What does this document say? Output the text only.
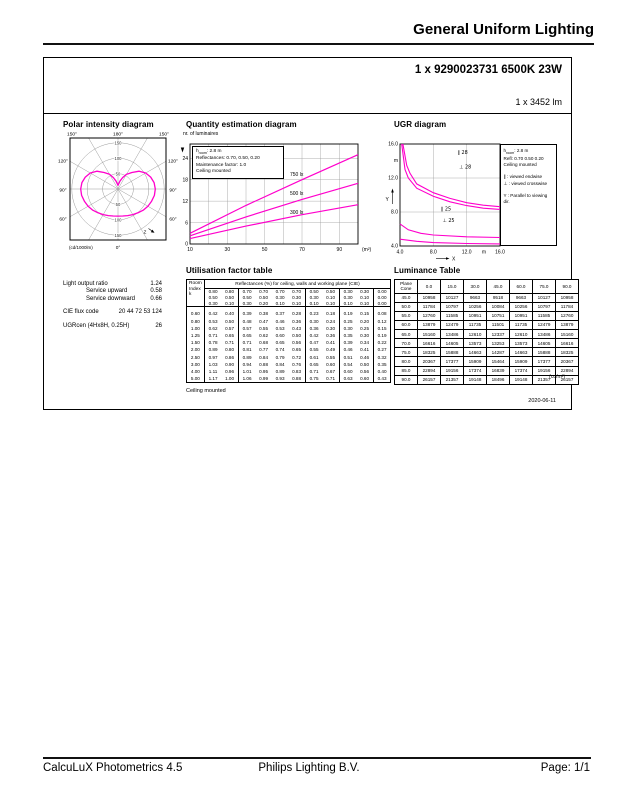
General Uniform Lighting
1 x 9290023731 6500K 23W
1 x 3452 lm
Polar intensity diagram
150
150
100
100
50
50
150°	180°	150°
120°	120°
90°	90°
60°	60°
0°
(cd/1000lm)
Z
Quantity estimation diagram
nr. of luminaires
0
6
12
18
24
10	30	50	70	90	(m²)
750 lx
500 lx
300 lx
$h_{room}$: 2.8 m
Reflectances: 0.70, 0.50, 0.20
Maintenance factor: 1.0
Ceiling mounted
UGR diagram
16.0
12.0
8.0
4.0
m
Y
4.0	8.0	12.0	16.0
m
X
∥ 28
⊥ 28
∥ 25
⊥ 25
$h_{room}$: 2.8 m
Refl: 0.70 0.50 0.20
Ceiling mounted
∥ : viewed endwise
⊥ : viewed crosswise
Y : Parallel to viewing dir.
Light output ratio	1.24
Service upward	0.58
Service downward	0.66
CIE flux code	20 44 72 53 124
UGRcen (4Hx8H, 0.25H)	26
Utilisation factor table
Room
Index
k	Reflectances (%) for ceiling, walls and working plane (CIE)										
	0.80	0.80	0.70	0.70	0.70	0.70	0.50	0.50	0.30	0.30	0.00
	0.50	0.50	0.50	0.50	0.30	0.30	0.30	0.10	0.30	0.10	0.00
	0.30	0.10	0.30	0.20	0.10	0.10	0.10	0.10	0.10	0.10	0.00
0.60	0.42	0.40	0.39	0.38	0.37	0.28	0.23	0.18	0.19	0.15	0.08
0.80	0.53	0.50	0.48	0.47	0.46	0.36	0.30	0.24	0.25	0.20	0.12
1.00	0.62	0.57	0.57	0.55	0.53	0.43	0.36	0.30	0.30	0.25	0.15
1.25	0.71	0.65	0.65	0.62	0.60	0.50	0.42	0.36	0.35	0.30	0.19
1.50	0.78	0.71	0.71	0.68	0.65	0.56	0.47	0.41	0.39	0.34	0.22
2.00	0.89	0.80	0.81	0.77	0.74	0.65	0.55	0.49	0.46	0.41	0.27
2.50	0.97	0.86	0.89	0.84	0.79	0.72	0.61	0.55	0.51	0.46	0.32
3.00	1.03	0.90	0.94	0.88	0.84	0.76	0.65	0.60	0.54	0.50	0.35
4.00	1.11	0.96	1.01	0.95	0.89	0.83	0.71	0.67	0.60	0.56	0.40
5.00	1.17	1.00	1.06	0.99	0.93	0.88	0.75	0.71	0.63	0.60	0.43
Ceiling mounted
Luminance Table
Plane
Cone	0.0	15.0	30.0	45.0	60.0	75.0	90.0
45.0	10958	10127	9663	9518	9663	10127	10958
50.0	11784	10797	10256	10084	10256	10797	11784
55.0	12760	11585	10951	10751	10951	11585	12760
60.0	13879	12479	11735	11501	11735	12479	13879
65.0	15160	13486	12610	12337	12610	13486	15160
70.0	16616	14605	13573	13253	13573	14605	16616
75.0	18325	15888	14663	14287	14663	15888	18325
80.0	20367	17377	15909	15464	15909	17377	20367
85.0	22894	19156	17374	16839	17374	19156	22894
90.0	26157	21357	19148	18496	19148	21357	26157
(cd/m²)
2020-06-11
CalcuLuX Photometrics 4.5	Philips Lighting B.V.	Page: 1/1
